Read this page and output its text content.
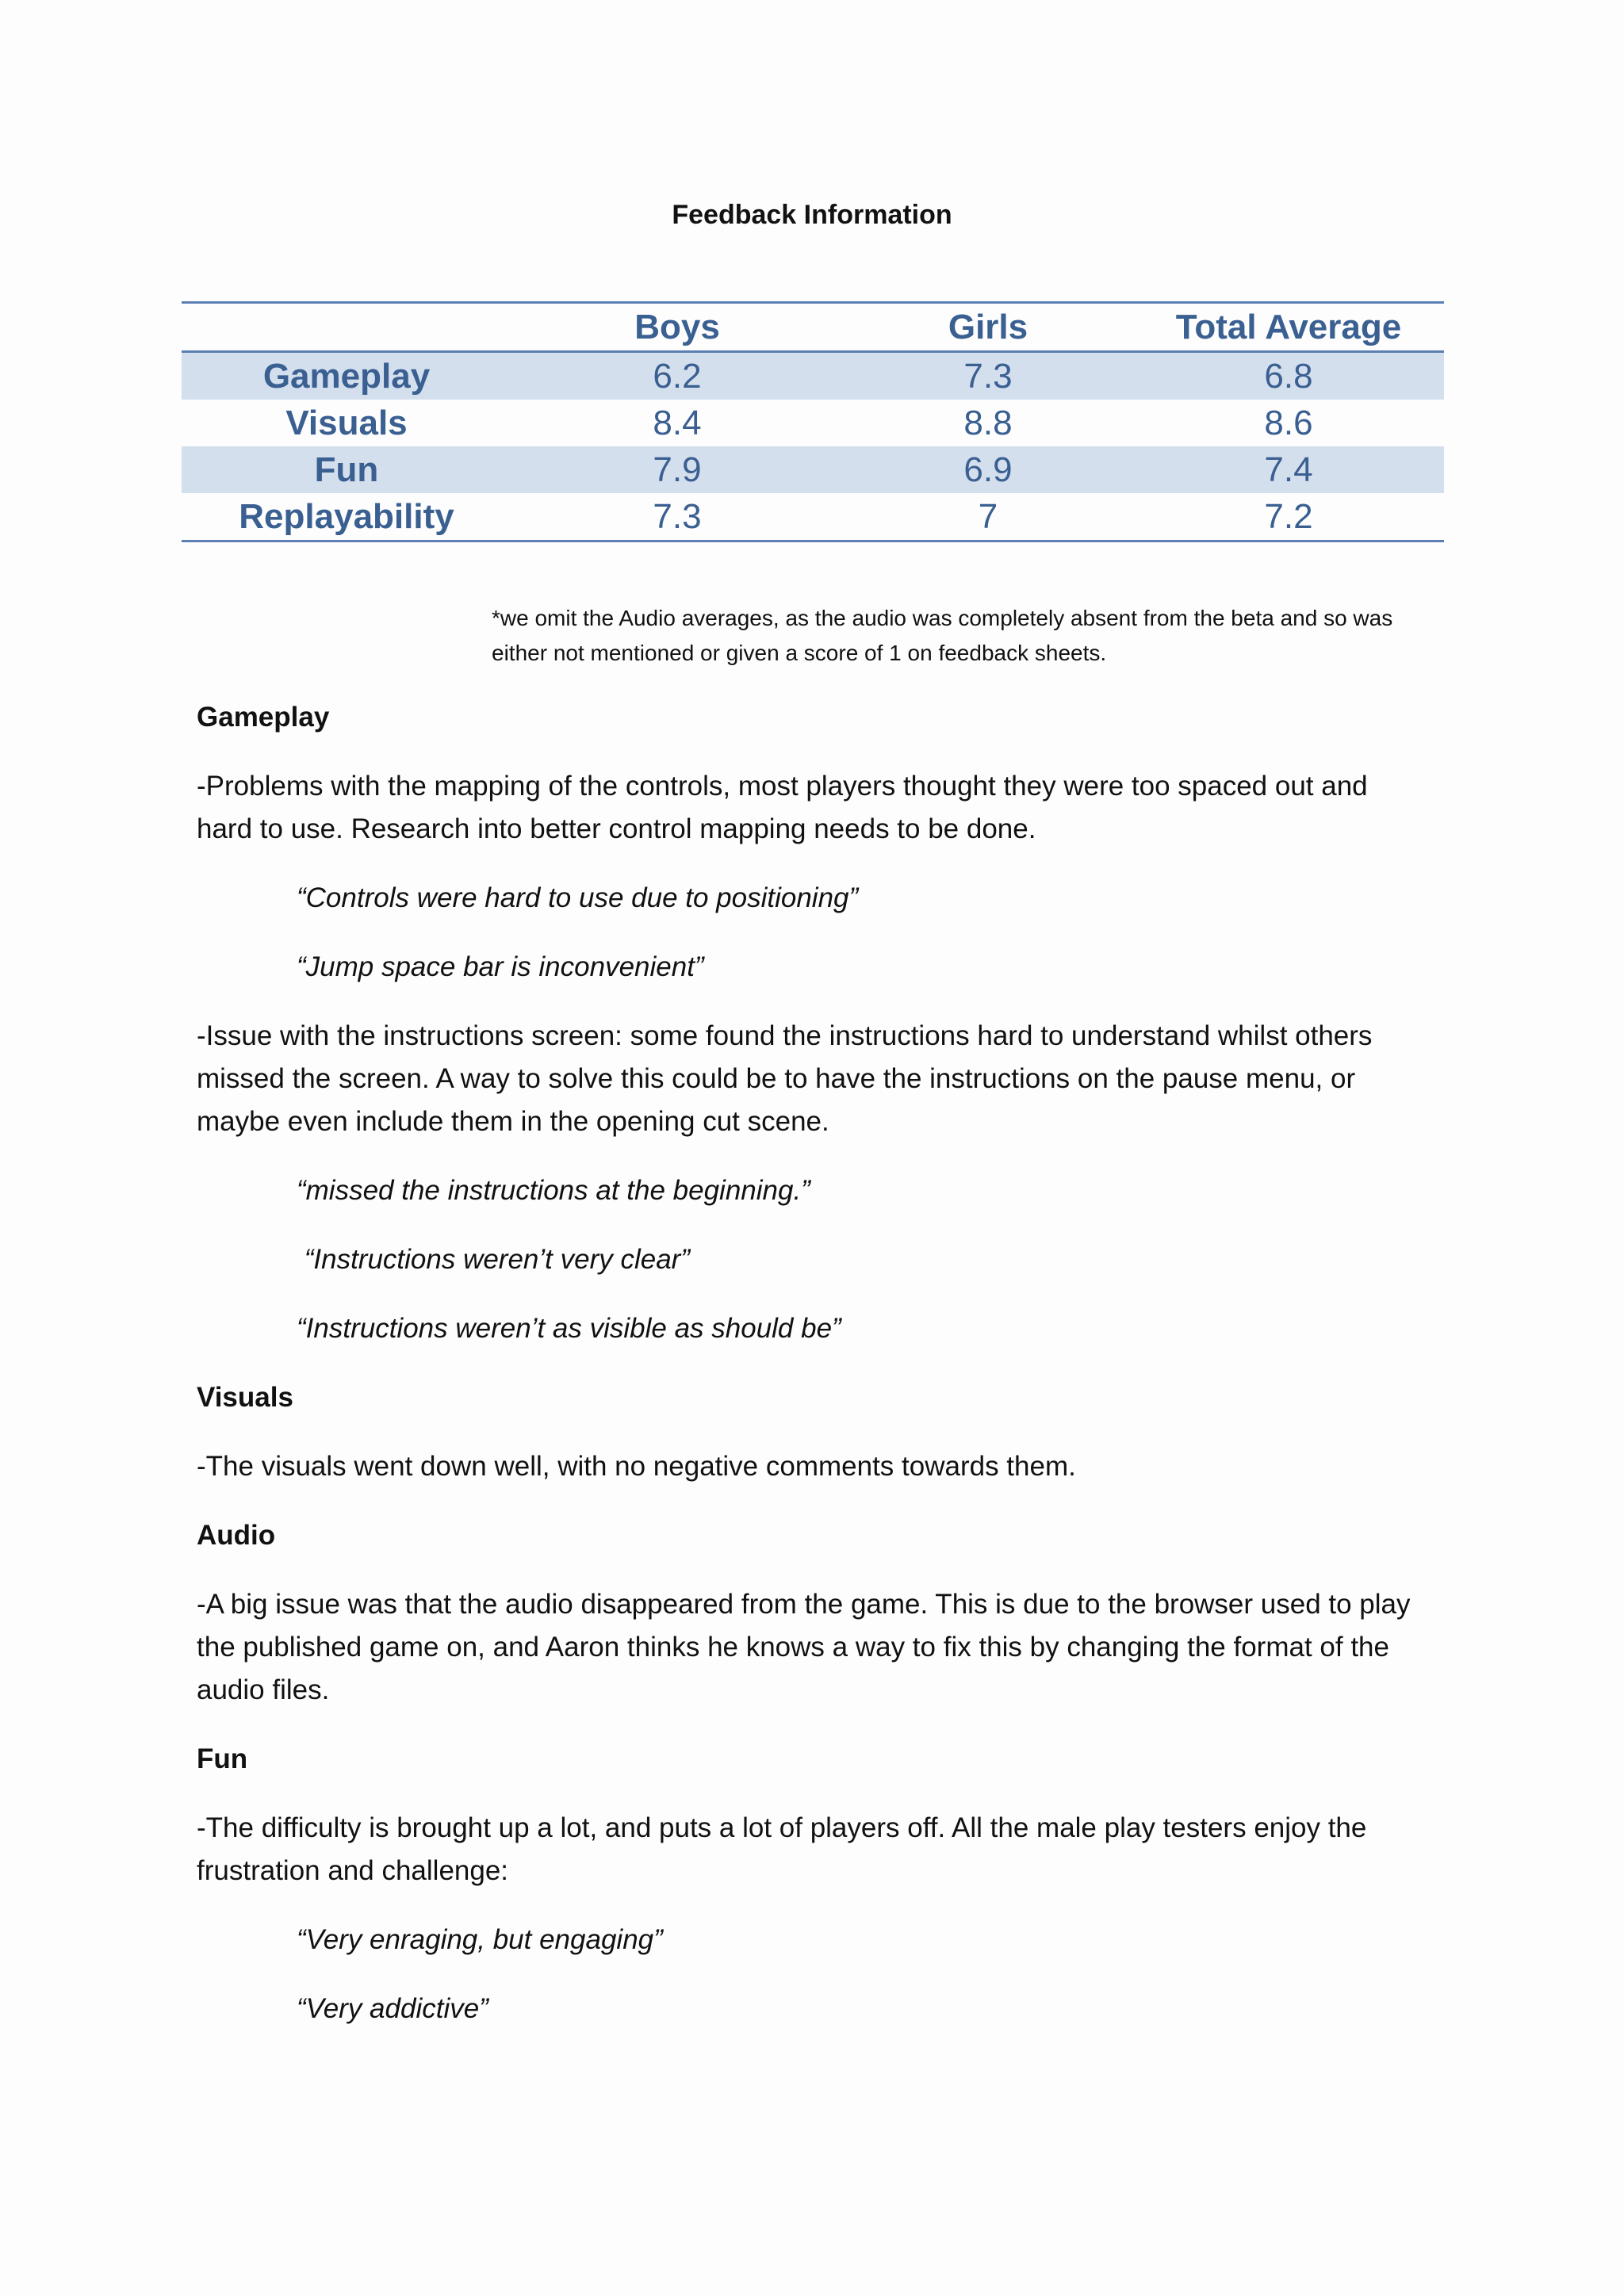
Feedback Information
	Boys	Girls	Total Average
Gameplay	6.2	7.3	6.8
Visuals	8.4	8.8	8.6
Fun	7.9	6.9	7.4
Replayability	7.3	7	7.2
*we omit the Audio averages, as the audio was completely absent from the beta and so was
either not mentioned or given a score of 1 on feedback sheets.
Gameplay
-Problems with the mapping of the controls, most players thought they were too spaced out and
hard to use. Research into better control mapping needs to be done.
“Controls were hard to use due to positioning”
“Jump space bar is inconvenient”
-Issue with the instructions screen: some found the instructions hard to understand whilst others
missed the screen. A way to solve this could be to have the instructions on the pause menu, or
maybe even include them in the opening cut scene.
“missed the instructions at the beginning.”
“Instructions weren’t very clear”
“Instructions weren’t as visible as should be”
Visuals
-The visuals went down well, with no negative comments towards them.
Audio
-A big issue was that the audio disappeared from the game. This is due to the browser used to play
the published game on, and Aaron thinks he knows a way to fix this by changing the format of the
audio files.
Fun
-The difficulty is brought up a lot, and puts a lot of players off. All the male play testers enjoy the
frustration and challenge:
“Very enraging, but engaging”
“Very addictive”
